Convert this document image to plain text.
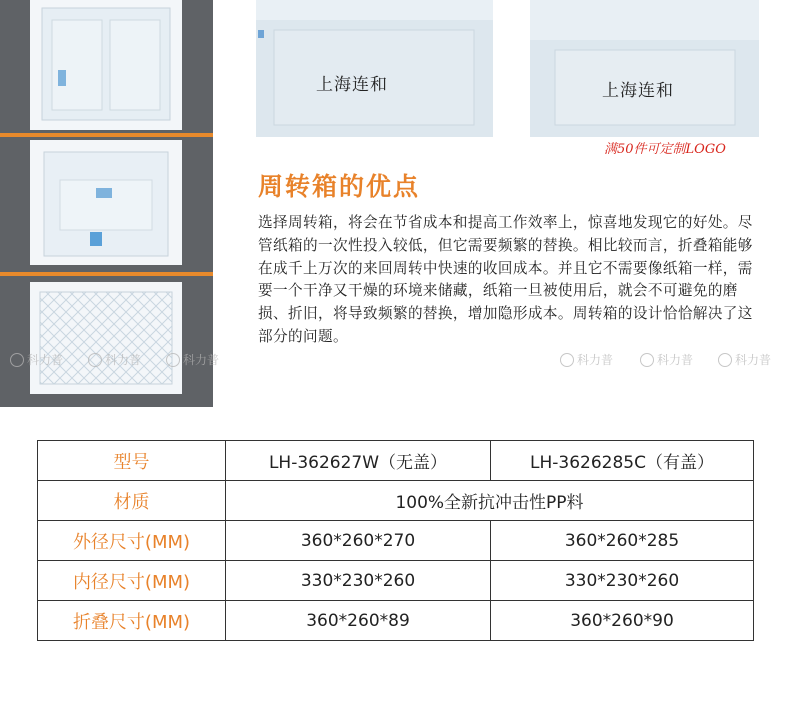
上海连和	上海连和
满50件可定制LOGO
周转箱的优点
选择周转箱，将会在节省成本和提高工作效率上，惊喜地发现它的好处。尽管纸箱的一次性投入较低，但它需要频繁的替换。相比较而言，折叠箱能够在成千上万次的来回周转中快速的收回成本。并且它不需要像纸箱一样，需要一个干净又干燥的环境来储藏，纸箱一旦被使用后，就会不可避免的磨损、折旧，将导致频繁的替换，增加隐形成本。周转箱的设计恰恰解决了这部分的问题。
科力普	科力普	科力普	科力普	科力普	科力普
型号	LH-362627W（无盖）	LH-3626285C（有盖）
材质	100%全新抗冲击性PP料	
外径尺寸(MM)	360*260*270	360*260*285
内径尺寸(MM)	330*230*260	330*230*260
折叠尺寸(MM)	360*260*89	360*260*90
